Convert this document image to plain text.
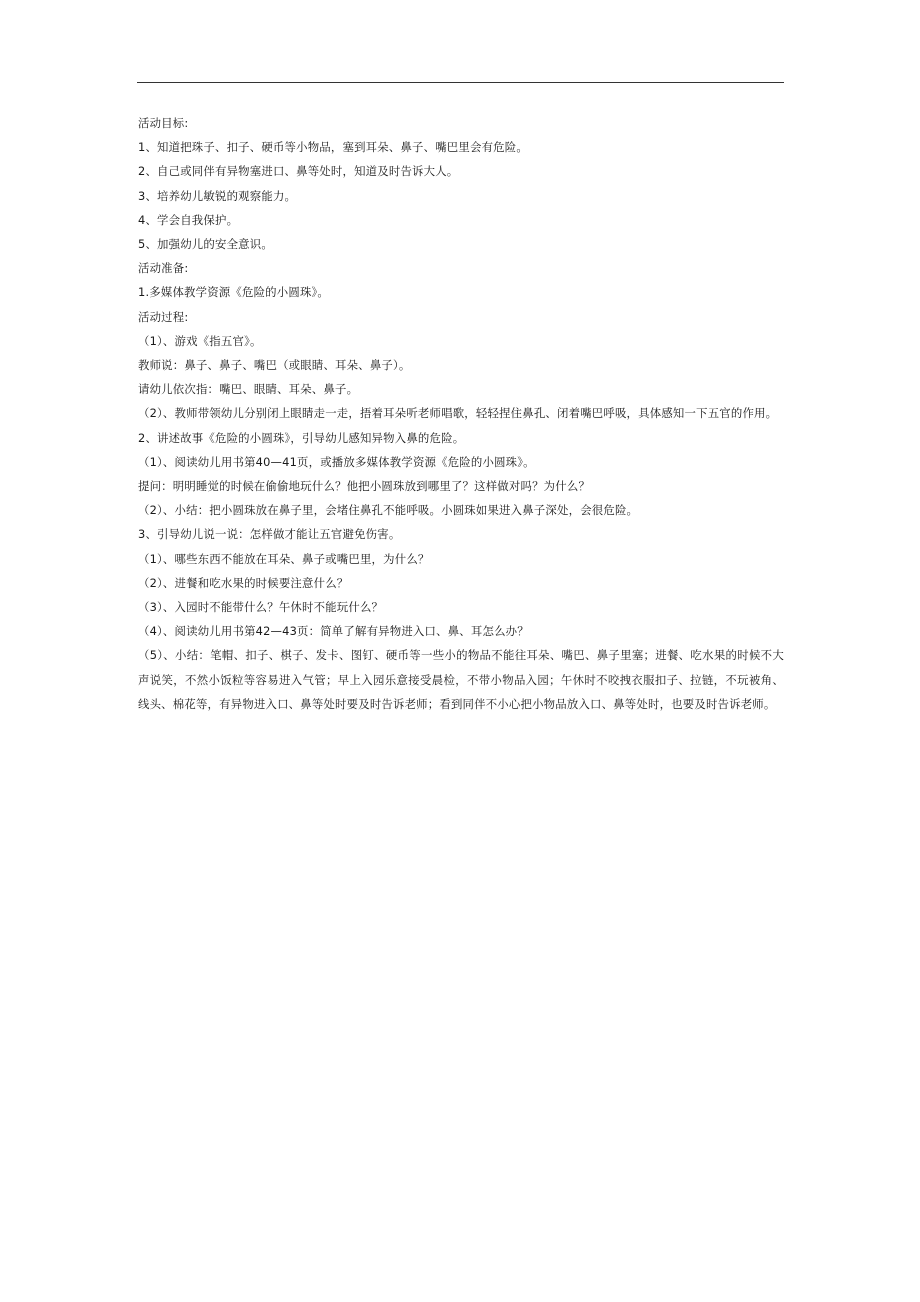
活动目标:
1、知道把珠子、扣子、硬币等小物品，塞到耳朵、鼻子、嘴巴里会有危险。
2、自己或同伴有异物塞进口、鼻等处时，知道及时告诉大人。
3、培养幼儿敏锐的观察能力。
4、学会自我保护。
5、加强幼儿的安全意识。
活动准备:
1.多媒体教学资源《危险的小圆珠》。
活动过程:
（1）、游戏《指五官》。
教师说：鼻子、鼻子、嘴巴（或眼睛、耳朵、鼻子）。
请幼儿依次指：嘴巴、眼睛、耳朵、鼻子。
（2）、教师带领幼儿分别闭上眼睛走一走，捂着耳朵听老师唱歌，轻轻捏住鼻孔、闭着嘴巴呼吸，具体感知一下五官的作用。
2、讲述故事《危险的小圆珠》，引导幼儿感知异物入鼻的危险。
（1）、阅读幼儿用书第40—41页，或播放多媒体教学资源《危险的小圆珠》。
提问：明明睡觉的时候在偷偷地玩什么？他把小圆珠放到哪里了？这样做对吗？为什么？
（2）、小结：把小圆珠放在鼻子里，会堵住鼻孔不能呼吸。小圆珠如果进入鼻子深处，会很危险。
3、引导幼儿说一说：怎样做才能让五官避免伤害。
（1）、哪些东西不能放在耳朵、鼻子或嘴巴里，为什么？
（2）、进餐和吃水果的时候要注意什么？
（3）、入园时不能带什么？午休时不能玩什么？
（4）、阅读幼儿用书第42—43页：简单了解有异物进入口、鼻、耳怎么办？
（5）、小结：笔帽、扣子、棋子、发卡、图钉、硬币等一些小的物品不能往耳朵、嘴巴、鼻子里塞；进餐、吃水果的时候不大声说笑，不然小饭粒等容易进入气管；早上入园乐意接受晨检，不带小物品入园；午休时不咬拽衣服扣子、拉链，不玩被角、线头、棉花等，有异物进入口、鼻等处时要及时告诉老师；看到同伴不小心把小物品放入口、鼻等处时，也要及时告诉老师。
